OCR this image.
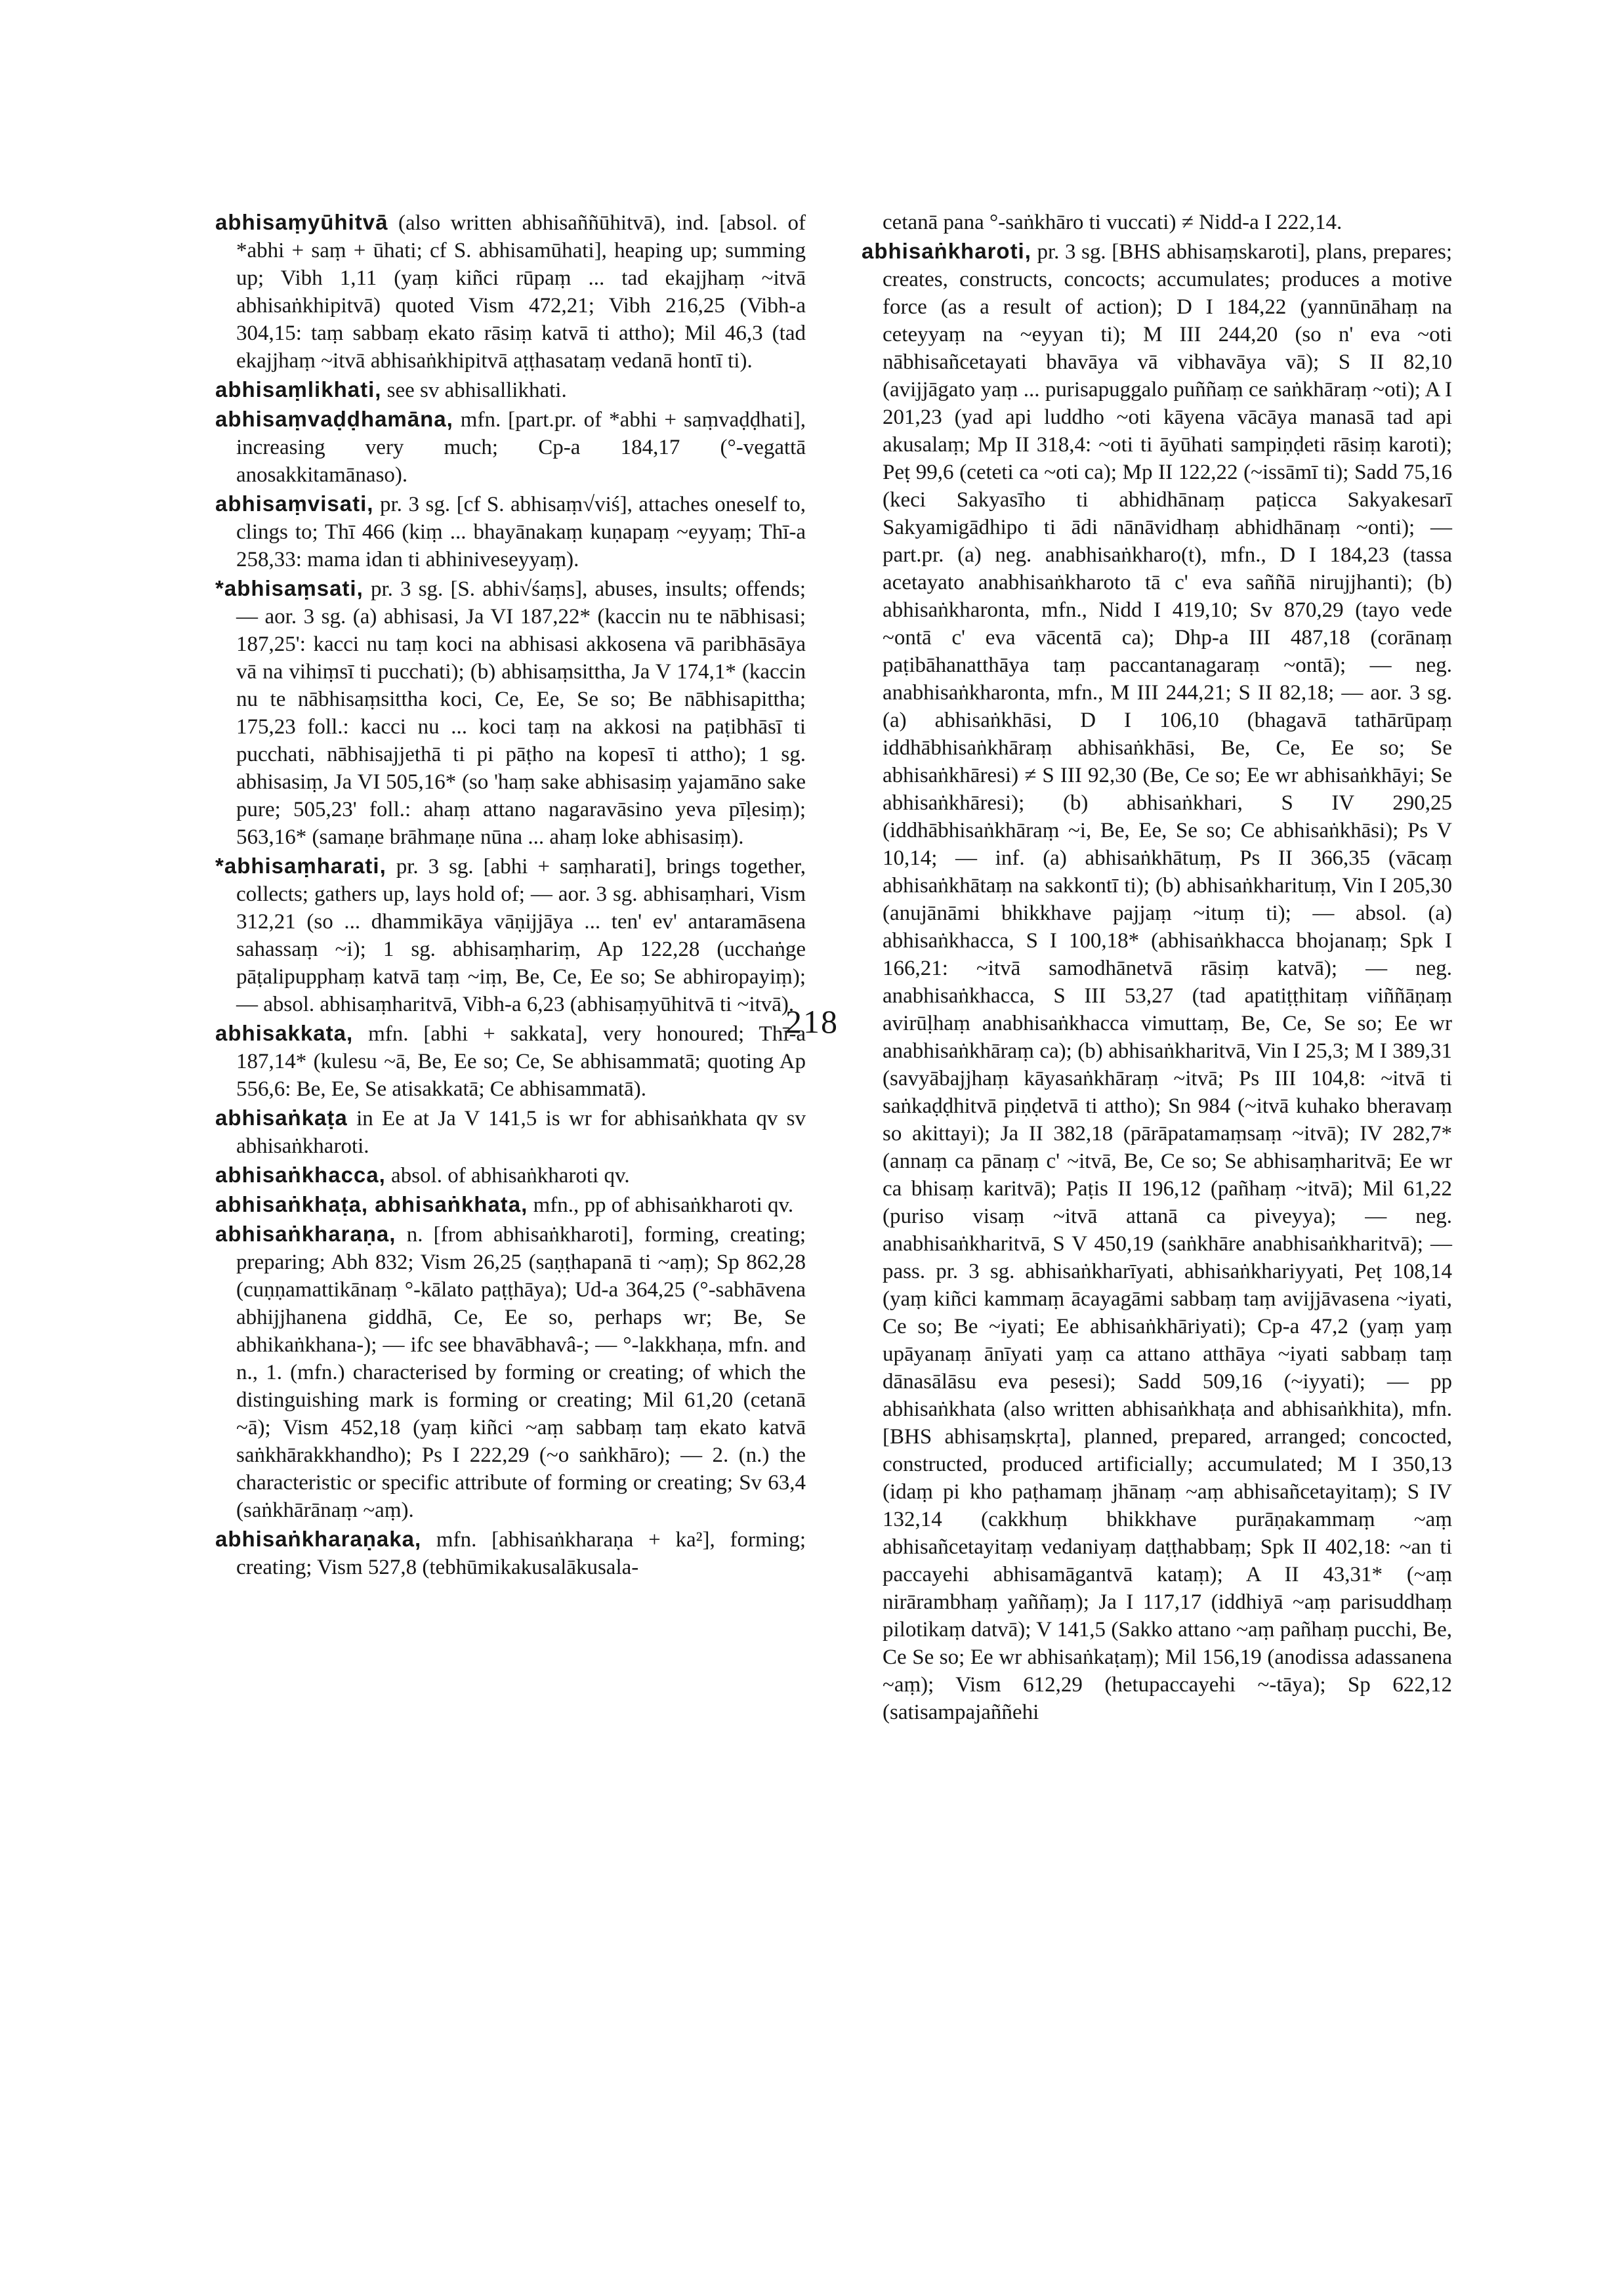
abhisaṃyūhitvā (also written abhisaññūhitvā), ind. [absol. of *abhi + saṃ + ūhati; cf S. abhisamūhati], heaping up; summing up; Vibh 1,11 (yaṃ kiñci rūpaṃ ... tad ekajjhaṃ ~itvā abhisaṅkhipitvā) quoted Vism 472,21; Vibh 216,25 (Vibh-a 304,15: taṃ sabbaṃ ekato rāsiṃ katvā ti attho); Mil 46,3 (tad ekajjhaṃ ~itvā abhisaṅkhipitvā aṭṭhasataṃ vedanā hontī ti).

abhisaṃlikhati, see sv abhisallikhati.

abhisaṃvaḍḍhamāna, mfn. [part.pr. of *abhi + saṃvaḍḍhati], increasing very much; Cp-a 184,17 (°-vegattā anosakkitamānaso).

abhisaṃvisati, pr. 3 sg. [cf S. abhisaṃ√viś], attaches oneself to, clings to; Thī 466 (kiṃ ... bhayānakaṃ kuṇapaṃ ~eyyaṃ; Thī-a 258,33: mama idan ti abhiniveseyyaṃ).

*abhisaṃsati, pr. 3 sg. [S. abhi√śaṃs], abuses, insults; offends; — aor. 3 sg. (a) abhisasi, Ja VI 187,22* (kaccin nu te nābhisasi; 187,25': kacci nu taṃ koci na abhisasi akkosena vā paribhāsāya vā na vihiṃsī ti pucchati); (b) abhisaṃsittha, Ja V 174,1* (kaccin nu te nābhisaṃsittha koci, Ce, Ee, Se so; Be nābhisapittha; 175,23 foll.: kacci nu ... koci taṃ na akkosi na paṭibhāsī ti pucchati, nābhisajjethā ti pi pāṭho na kopesī ti attho); 1 sg. abhisasiṃ, Ja VI 505,16* (so 'haṃ sake abhisasiṃ yajamāno sake pure; 505,23' foll.: ahaṃ attano nagaravāsino yeva pīḷesiṃ); 563,16* (samaṇe brāhmaṇe nūna ... ahaṃ loke abhisasiṃ).

*abhisaṃharati, pr. 3 sg. [abhi + saṃharati], brings together, collects; gathers up, lays hold of; — aor. 3 sg. abhisaṃhari, Vism 312,21 (so ... dhammikāya vāṇijjāya ... ten' ev' antaramāsena sahassaṃ ~i); 1 sg. abhisaṃhariṃ, Ap 122,28 (ucchaṅge pāṭalipupphaṃ katvā taṃ ~iṃ, Be, Ce, Ee so; Se abhiropayiṃ); — absol. abhisaṃharitvā, Vibh-a 6,23 (abhisaṃyūhitvā ti ~itvā).

abhisakkata, mfn. [abhi + sakkata], very honoured; Thī-a 187,14* (kulesu ~ā, Be, Ee so; Ce, Se abhisammatā; quoting Ap 556,6: Be, Ee, Se atisakkatā; Ce abhisammatā).

abhisaṅkaṭa in Ee at Ja V 141,5 is wr for abhisaṅkhata qv sv abhisaṅkharoti.

abhisaṅkhacca, absol. of abhisaṅkharoti qv.

abhisaṅkhaṭa, abhisaṅkhata, mfn., pp of abhisaṅkharoti qv.

abhisaṅkharaṇa, n. [from abhisaṅkharoti], forming, creating; preparing; Abh 832; Vism 26,25 (saṇṭhapanā ti ~aṃ); Sp 862,28 (cuṇṇamattikānaṃ °-kālato paṭṭhāya); Ud-a 364,25 (°-sabhāvena abhijjhanena giddhā, Ce, Ee so, perhaps wr; Be, Se abhikaṅkhana-); — ifc see bhavābhavâ-; — °-lakkhaṇa, mfn. and n., 1. (mfn.) characterised by forming or creating; of which the distinguishing mark is forming or creating; Mil 61,20 (cetanā ~ā); Vism 452,18 (yaṃ kiñci ~aṃ sabbaṃ taṃ ekato katvā saṅkhārakkhandho); Ps I 222,29 (~o saṅkhāro); — 2. (n.) the characteristic or specific attribute of forming or creating; Sv 63,4 (saṅkhārānaṃ ~aṃ).

abhisaṅkharaṇaka, mfn. [abhisaṅkharaṇa + ka²], forming; creating; Vism 527,8 (tebhūmikakusalākusala-

cetanā pana °-saṅkhāro ti vuccati) ≠ Nidd-a I 222,14.

abhisaṅkharoti, pr. 3 sg. [BHS abhisaṃskaroti], plans, prepares; creates, constructs, concocts; accumulates; produces a motive force (as a result of action); D I 184,22 (yannūnāhaṃ na ceteyyaṃ na ~eyyan ti); M III 244,20 (so n' eva ~oti nābhisañcetayati bhavāya vā vibhavāya vā); S II 82,10 (avijjāgato yaṃ ... purisapuggalo puññaṃ ce saṅkhāraṃ ~oti); A I 201,23 (yad api luddho ~oti kāyena vācāya manasā tad api akusalaṃ; Mp II 318,4: ~oti ti āyūhati sampiṇḍeti rāsiṃ karoti); Peṭ 99,6 (ceteti ca ~oti ca); Mp II 122,22 (~issāmī ti); Sadd 75,16 (keci Sakyasīho ti abhidhānaṃ paṭicca Sakyakesarī Sakyamigādhipo ti ādi nānāvidhaṃ abhidhānaṃ ~onti); — part.pr. (a) neg. anabhisaṅkharo(t), mfn., D I 184,23 (tassa acetayato anabhisaṅkharoto tā c' eva saññā nirujjhanti); (b) abhisaṅkharonta, mfn., Nidd I 419,10; Sv 870,29 (tayo vede ~ontā c' eva vācentā ca); Dhp-a III 487,18 (corānaṃ paṭibāhanatthāya taṃ paccantanagaraṃ ~ontā); — neg. anabhisaṅkharonta, mfn., M III 244,21; S II 82,18; — aor. 3 sg. (a) abhisaṅkhāsi, D I 106,10 (bhagavā tathārūpaṃ iddhābhisaṅkhāraṃ abhisaṅkhāsi, Be, Ce, Ee so; Se abhisaṅkhāresi) ≠ S III 92,30 (Be, Ce so; Ee wr abhisaṅkhāyi; Se abhisaṅkhāresi); (b) abhisaṅkhari, S IV 290,25 (iddhābhisaṅkhāraṃ ~i, Be, Ee, Se so; Ce abhisaṅkhāsi); Ps V 10,14; — inf. (a) abhisaṅkhātuṃ, Ps II 366,35 (vācaṃ abhisaṅkhātaṃ na sakkontī ti); (b) abhisaṅkharituṃ, Vin I 205,30 (anujānāmi bhikkhave pajjaṃ ~ituṃ ti); — absol. (a) abhisaṅkhacca, S I 100,18* (abhisaṅkhacca bhojanaṃ; Spk I 166,21: ~itvā samodhānetvā rāsiṃ katvā); — neg. anabhisaṅkhacca, S III 53,27 (tad apatiṭṭhitaṃ viññāṇaṃ avirūḷhaṃ anabhisaṅkhacca vimuttaṃ, Be, Ce, Se so; Ee wr anabhisaṅkhāraṃ ca); (b) abhisaṅkharitvā, Vin I 25,3; M I 389,31 (savyābajjhaṃ kāyasaṅkhāraṃ ~itvā; Ps III 104,8: ~itvā ti saṅkaḍḍhitvā piṇḍetvā ti attho); Sn 984 (~itvā kuhako bheravaṃ so akittayi); Ja II 382,18 (pārāpatamaṃsaṃ ~itvā); IV 282,7* (annaṃ ca pānaṃ c' ~itvā, Be, Ce so; Se abhisaṃharitvā; Ee wr ca bhisaṃ karitvā); Paṭis II 196,12 (pañhaṃ ~itvā); Mil 61,22 (puriso visaṃ ~itvā attanā ca piveyya); — neg. anabhisaṅkharitvā, S V 450,19 (saṅkhāre anabhisaṅkharitvā); — pass. pr. 3 sg. abhisaṅkharīyati, abhisaṅkhariyyati, Peṭ 108,14 (yaṃ kiñci kammaṃ ācayagāmi sabbaṃ taṃ avijjāvasena ~iyati, Ce so; Be ~iyati; Ee abhisaṅkhāriyati); Cp-a 47,2 (yaṃ yaṃ upāyanaṃ ānīyati yaṃ ca attano atthāya ~iyati sabbaṃ taṃ dānasālāsu eva pesesi); Sadd 509,16 (~iyyati); — pp abhisaṅkhata (also written abhisaṅkhaṭa and abhisaṅkhita), mfn. [BHS abhisaṃskṛta], planned, prepared, arranged; concocted, constructed, produced artificially; accumulated; M I 350,13 (idaṃ pi kho paṭhamaṃ jhānaṃ ~aṃ abhisañcetayitaṃ); S IV 132,14 (cakkhuṃ bhikkhave purāṇakammaṃ ~aṃ abhisañcetayitaṃ vedaniyaṃ daṭṭhabbaṃ; Spk II 402,18: ~an ti paccayehi abhisamāgantvā kataṃ); A II 43,31* (~aṃ nirārambhaṃ yaññaṃ); Ja I 117,17 (iddhiyā ~aṃ parisuddhaṃ pilotikaṃ datvā); V 141,5 (Sakko attano ~aṃ pañhaṃ pucchi, Be, Ce Se so; Ee wr abhisaṅkaṭaṃ); Mil 156,19 (anodissa adassanena ~aṃ); Vism 612,29 (hetupaccayehi ~-tāya); Sp 622,12 (satisampajaññehi

218
